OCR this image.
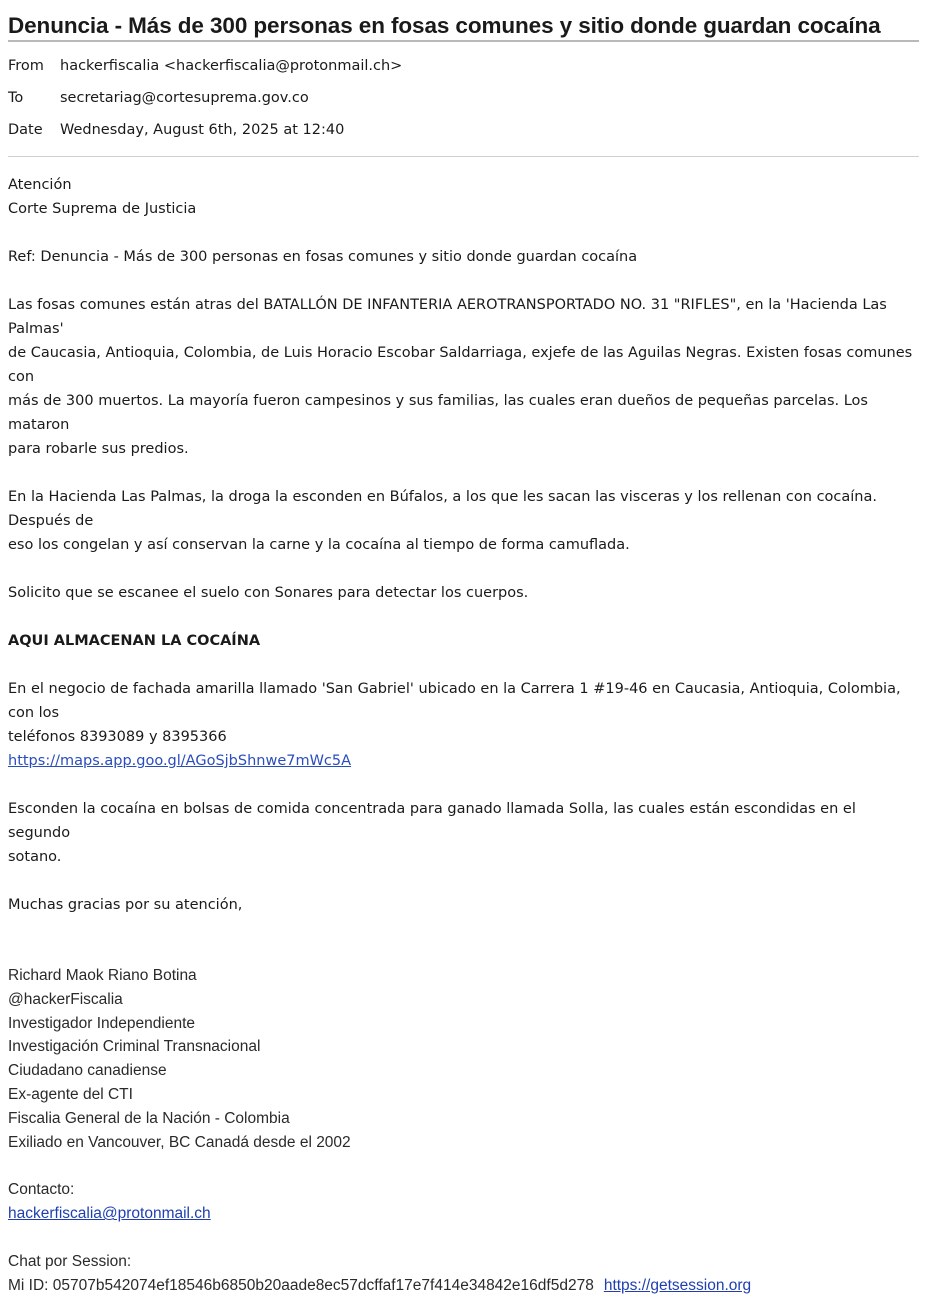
Denuncia - Más de 300 personas en fosas comunes y sitio donde guardan cocaína
From	hackerfiscalia <hackerfiscalia@protonmail.ch>
To	secretariag@cortesuprema.gov.co
Date	Wednesday, August 6th, 2025 at 12:40

Atención

Corte Suprema de Justicia

Ref: Denuncia - Más de 300 personas en fosas comunes y sitio donde guardan cocaína

Las fosas comunes están atras del BATALLÓN DE INFANTERIA AEROTRANSPORTADO NO. 31 "RIFLES", en la 'Hacienda Las Palmas'

de Caucasia, Antioquia, Colombia, de Luis Horacio Escobar Saldarriaga, exjefe de las Aguilas Negras. Existen fosas comunes con

más de 300 muertos. La mayoría fueron campesinos y sus familias, las cuales eran dueños de pequeñas parcelas. Los mataron

para robarle sus predios.

En la Hacienda Las Palmas, la droga la esconden en Búfalos, a los que les sacan las visceras y los rellenan con cocaína. Después de

eso los congelan y así conservan la carne y la cocaína al tiempo de forma camuflada.

Solicito que se escanee el suelo con Sonares para detectar los cuerpos.

AQUI ALMACENAN LA COCAÍNA

En el negocio de fachada amarilla llamado 'San Gabriel' ubicado en la Carrera 1 #19-46 en Caucasia, Antioquia, Colombia, con los

teléfonos 8393089 y 8395366

https://maps.app.goo.gl/AGoSjbShnwe7mWc5A

Esconden la cocaína en bolsas de comida concentrada para ganado llamada Solla, las cuales están escondidas en el segundo

sotano.

Muchas gracias por su atención,

Richard Maok Riano Botina
@hackerFiscalia
Investigador Independiente
Investigación Criminal Transnacional
Ciudadano canadiense
Ex-agente del CTI
Fiscalia General de la Nación - Colombia
Exiliado en Vancouver, BC Canadá desde el 2002
Contacto:
hackerfiscalia@protonmail.ch
Chat por Session:
Mi ID: 05707b542074ef18546b6850b20aade8ec57dcffaf17e7f414e34842e16df5d278 https://getsession.org
